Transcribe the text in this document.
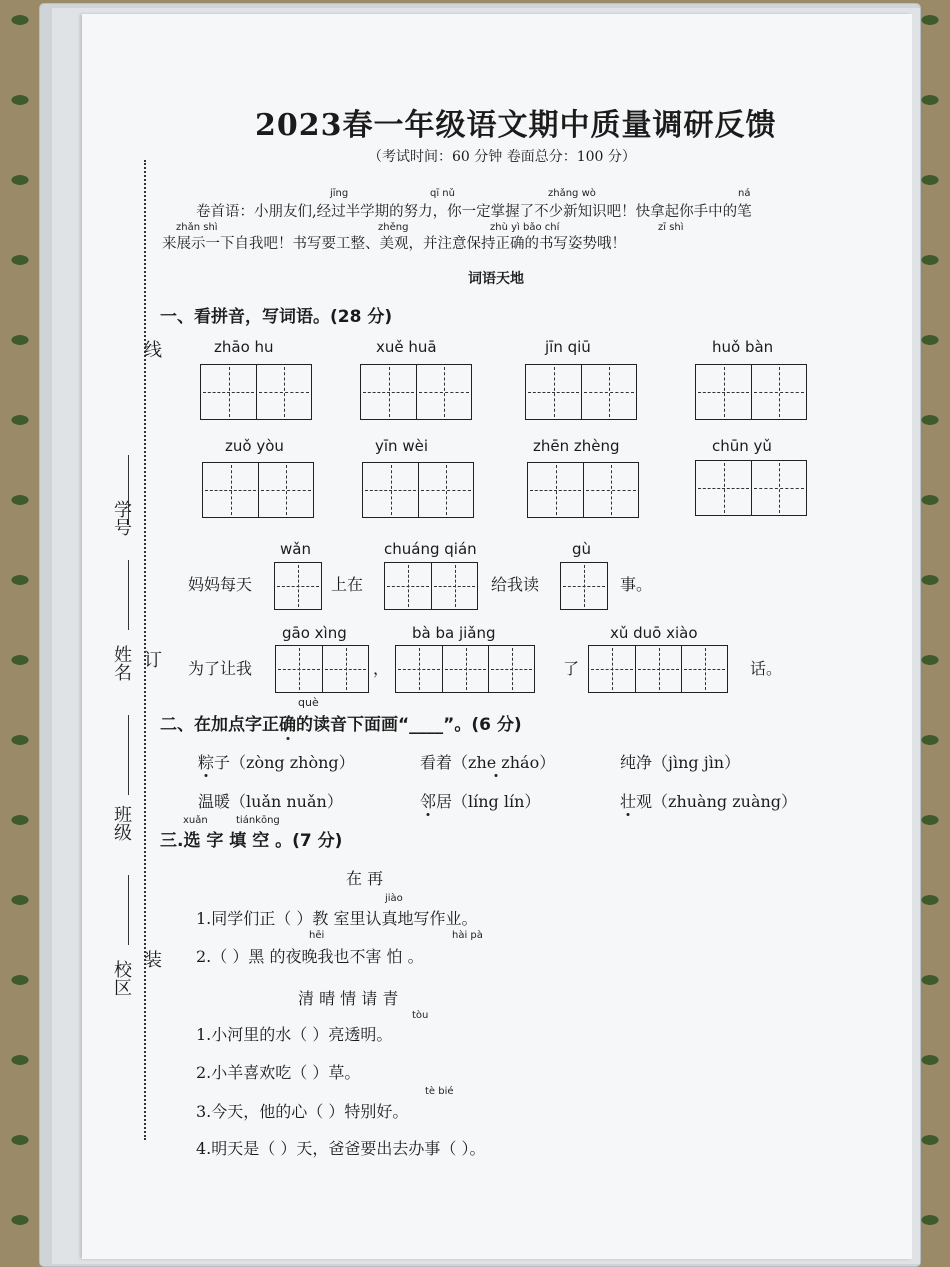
学号
姓名
班级
校区
线
订
装
2023春一年级语文期中质量调研反馈
（考试时间：60 分钟 卷面总分：100 分）
jīng	qī nǔ	zhǎng wò	ná
卷首语：小朋友们,经过半学期的努力，你一定掌握了不少新知识吧！快拿起你手中的笔
zhǎn shì	zhěng	zhù yì bǎo chí	zī shì
来展示一下自我吧！书写要工整、美观，并注意保持正确的书写姿势哦！
词语天地
一、看拼音，写词语。(28 分)
zhāo hu	xuě huā	jīn qiū	huǒ bàn
zuǒ yòu	yīn wèi	zhēn zhèng	chūn yǔ
wǎn	chuáng qián	gù
妈妈每天	上在	给我读	事。
gāo xìng	bà ba jiǎng	xǔ duō xiào
为了让我	，	了	话。
què
二、在加点字正确的读音下面画“____”。(6 分)
粽子（zòng zhòng）	看着（zhe zháo）	纯净（jìng jìn）
温暖（luǎn nuǎn）	邻居（líng lín）	壮观（zhuàng zuàng）
xuǎn	tiánkōng
三.选 字 填 空 。(7 分)
在 再
jiào
1.同学们正（ ）教 室里认真地写作业。
hēi	hài pà
2.（ ）黑 的夜晚我也不害 怕 。
清 晴 情 请 青
tòu
1.小河里的水（ ）亮透明。
2.小羊喜欢吃（ ）草。
tè bié
3.今天，他的心（ ）特别好。
4.明天是（ ）天，爸爸要出去办事（ ）。
